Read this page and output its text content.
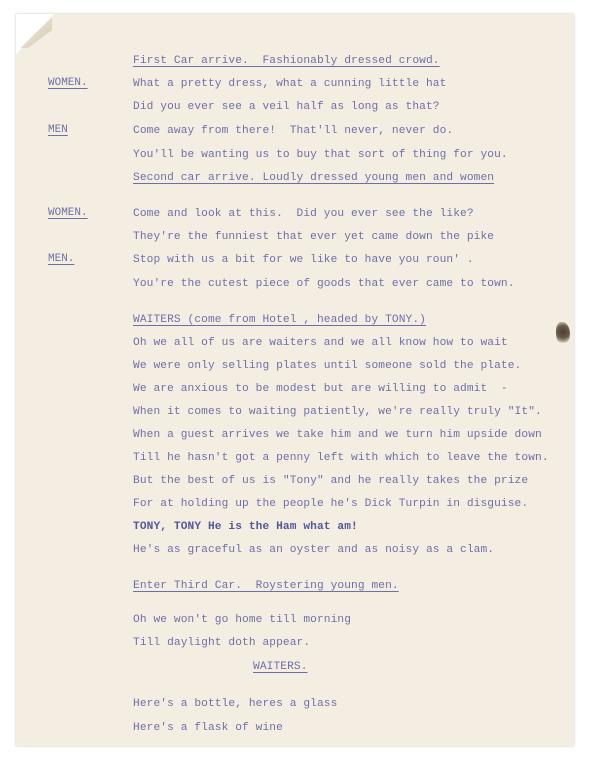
WOMEN.

MEN

WOMEN.

MEN.

First Car arrive.  Fashionably dressed crowd.

What a pretty dress, what a cunning little hat

Did you ever see a veil half as long as that?

Come away from there!  That'll never, never do.

You'll be wanting us to buy that sort of thing for you.

Second car arrive. Loudly dressed young men and women

Come and look at this.  Did you ever see the like?

They're the funniest that ever yet came down the pike

Stop with us a bit for we like to have you roun' .

You're the cutest piece of goods that ever came to town.

WAITERS (come from Hotel , headed by TONY.)

Oh we all of us are waiters and we all know how to wait

We were only selling plates until someone sold the plate.

We are anxious to be modest but are willing to admit  -

When it comes to waiting patiently, we're really truly "It".

When a guest arrives we take him and we turn him upside down

Till he hasn't got a penny left with which to leave the town.

But the best of us is "Tony" and he really takes the prize

For at holding up the people he's Dick Turpin in disguise.

TONY, TONY He is the Ham what am!

He's as graceful as an oyster and as noisy as a clam.

Enter Third Car.  Roystering young men.

Oh we won't go home till morning

Till daylight doth appear.

WAITERS.

Here's a bottle, heres a glass

Here's a flask of wine
